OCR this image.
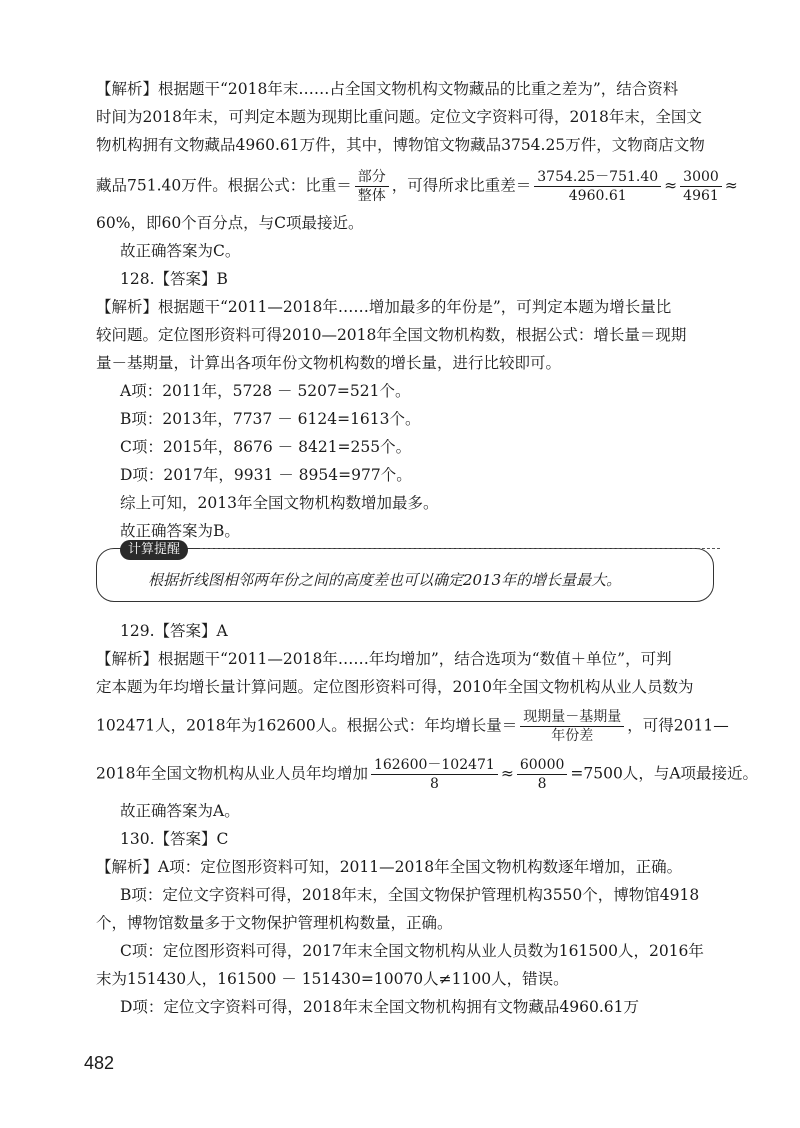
【解析】根据题干“2018年末……占全国文物机构文物藏品的比重之差为”，结合资料
时间为2018年末，可判定本题为现期比重问题。定位文字资料可得，2018年末，全国文
物机构拥有文物藏品4960.61万件，其中，博物馆文物藏品3754.25万件，文物商店文物
藏品751.40万件。根据公式：比重＝ $\frac{\text{部分}}{\text{整体}}$ ，可得所求比重差＝ $\frac{3754.25-751.40}{4960.61} \approx \frac{3000}{4961}$ ≈
60%，即60个百分点，与C项最接近。
故正确答案为C。
128.【答案】B
【解析】根据题干“2011—2018年……增加最多的年份是”，可判定本题为增长量比
较问题。定位图形资料可得2010—2018年全国文物机构数，根据公式：增长量＝现期
量－基期量，计算出各项年份文物机构数的增长量，进行比较即可。
A项：2011年，5728 － 5207=521个。
B项：2013年，7737 － 6124=1613个。
C项：2015年，8676 － 8421=255个。
D项：2017年，9931 － 8954=977个。
综上可知，2013年全国文物机构数增加最多。
故正确答案为B。
计算提醒
根据折线图相邻两年份之间的高度差也可以确定2013年的增长量最大。
129.【答案】A
【解析】根据题干“2011—2018年……年均增加”，结合选项为“数值＋单位”，可判
定本题为年均增长量计算问题。定位图形资料可得，2010年全国文物机构从业人员数为
102471人，2018年为162600人。根据公式：年均增长量＝ $\frac{\text{现期量－基期量}}{\text{年份差}}$ ，可得2011—
2018年全国文物机构从业人员年均增加 $\frac{162600-102471}{8} \approx \frac{60000}{8} =7500$人，与A项最接近。
故正确答案为A。
130.【答案】C
【解析】A项：定位图形资料可知，2011—2018年全国文物机构数逐年增加，正确。
B项：定位文字资料可得，2018年末，全国文物保护管理机构3550个，博物馆4918
个，博物馆数量多于文物保护管理机构数量，正确。
C项：定位图形资料可得，2017年末全国文物机构从业人员数为161500人，2016年
末为151430人，161500 － 151430=10070人≠1100人，错误。
D项：定位文字资料可得，2018年末全国文物机构拥有文物藏品4960.61万
482
